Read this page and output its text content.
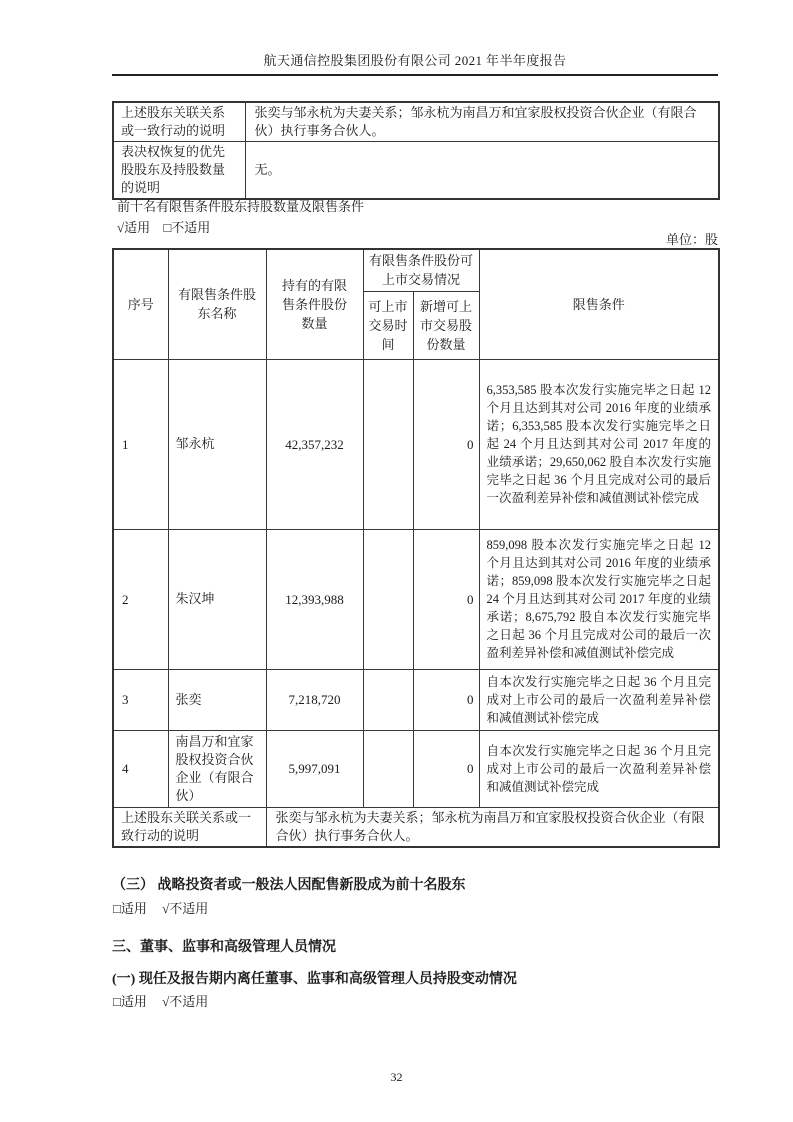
航天通信控股集团股份有限公司 2021 年半年度报告
上述股东关联关系或一致行动的说明	张奕与邹永杭为夫妻关系；邹永杭为南昌万和宜家股权投资合伙企业（有限合伙）执行事务合伙人。
表决权恢复的优先股股东及持股数量的说明	无。
前十名有限售条件股东持股数量及限售条件
√适用 □不适用
单位：股
序号	有限售条件股东名称	持有的有限售条件股份数量	有限售条件股份可上市交易情况		限售条件
			可上市交易时间	新增可上市交易股份数量	
1	邹永杭	42,357,232		0	6,353,585 股本次发行实施完毕之日起 12 个月且达到其对公司 2016 年度的业绩承诺；6,353,585 股本次发行实施完毕之日起 24 个月且达到其对公司 2017 年度的业绩承诺；29,650,062 股自本次发行实施完毕之日起 36 个月且完成对公司的最后一次盈利差异补偿和减值测试补偿完成
2	朱汉坤	12,393,988		0	859,098 股本次发行实施完毕之日起 12 个月且达到其对公司 2016 年度的业绩承诺；859,098 股本次发行实施完毕之日起 24 个月且达到其对公司 2017 年度的业绩承诺；8,675,792 股自本次发行实施完毕之日起 36 个月且完成对公司的最后一次盈利差异补偿和减值测试补偿完成
3	张奕	7,218,720		0	自本次发行实施完毕之日起 36 个月且完成对上市公司的最后一次盈利差异补偿和减值测试补偿完成
4	南昌万和宜家股权投资合伙企业（有限合伙）	5,997,091		0	自本次发行实施完毕之日起 36 个月且完成对上市公司的最后一次盈利差异补偿和减值测试补偿完成
上述股东关联关系或一致行动的说明		张奕与邹永杭为夫妻关系；邹永杭为南昌万和宜家股权投资合伙企业（有限合伙）执行事务合伙人。			
（三） 战略投资者或一般法人因配售新股成为前十名股东
□适用 √不适用
三、董事、监事和高级管理人员情况
(一) 现任及报告期内离任董事、监事和高级管理人员持股变动情况
□适用 √不适用
32
